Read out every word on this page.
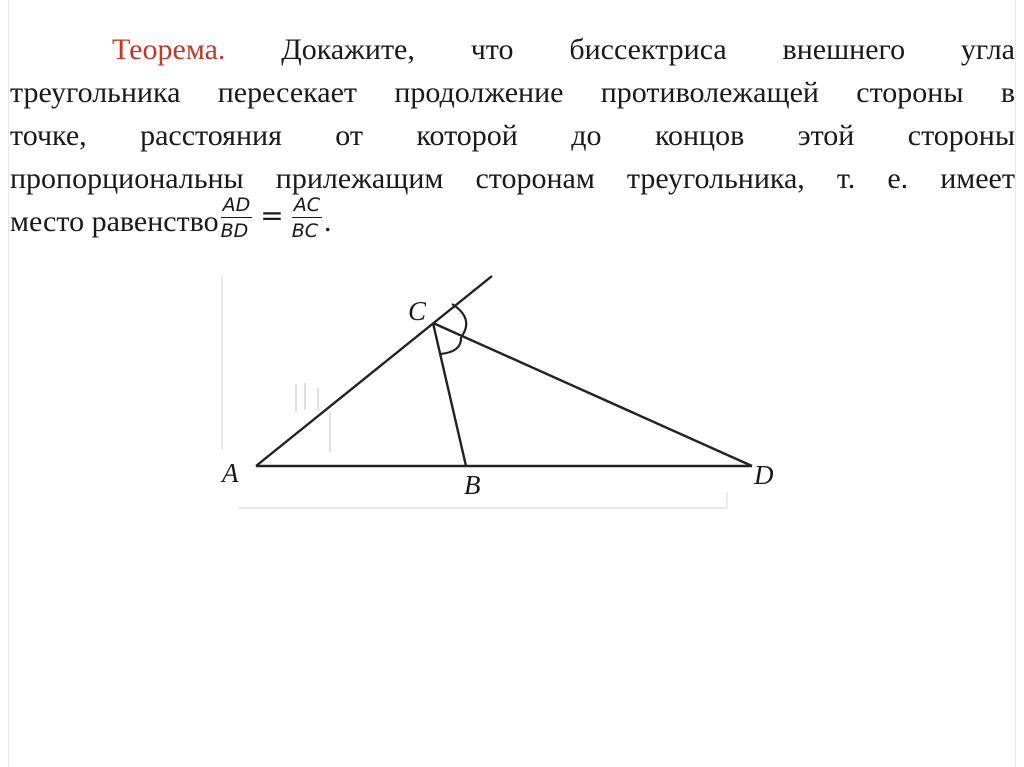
Теорема. Докажите, что биссектриса внешнего угла
треугольника пересекает продолжение противолежащей стороны в
точке, расстояния от которой до концов этой стороны
пропорциональны прилежащим сторонам треугольника, т. е. имеет
место равенство $\frac{AD}{BD} = \frac{AC}{BC}$ .
A	B
C
D
